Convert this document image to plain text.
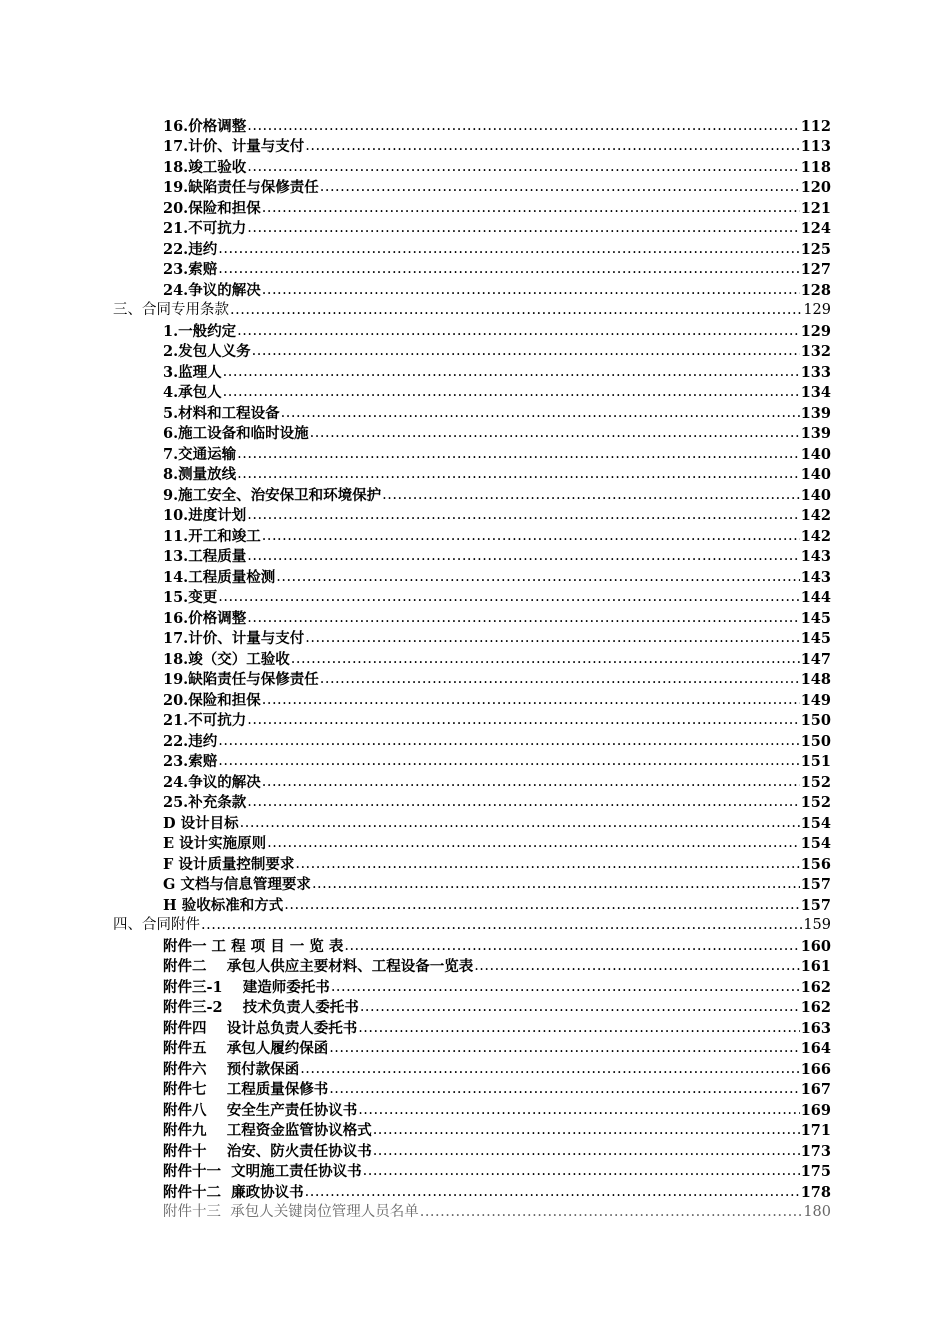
16.价格调整 .....	112
17.计价、计量与支付 .....	113
18.竣工验收 .....	118
19.缺陷责任与保修责任 .....	120
20.保险和担保 .....	121
21.不可抗力 .....	124
22.违约 .....	125
23.索赔 .....	127
24.争议的解决 .....	128
三、合同专用条款 .....	129
1.一般约定 .....	129
2.发包人义务 .....	132
3.监理人 .....	133
4.承包人 .....	134
5.材料和工程设备 .....	139
6.施工设备和临时设施 .....	139
7.交通运输 .....	140
8.测量放线 .....	140
9.施工安全、治安保卫和环境保护 .....	140
10.进度计划 .....	142
11.开工和竣工 .....	142
13.工程质量 .....	143
14.工程质量检测 .....	143
15.变更 .....	144
16.价格调整 .....	145
17.计价、计量与支付 .....	145
18.竣（交）工验收 .....	147
19.缺陷责任与保修责任 .....	148
20.保险和担保 .....	149
21.不可抗力 .....	150
22.违约 .....	150
23.索赔 .....	151
24.争议的解决 .....	152
25.补充条款 .....	152
D 设计目标 .....	154
E 设计实施原则 .....	154
F 设计质量控制要求 .....	156
G 文档与信息管理要求 .....	157
H 验收标准和方式 .....	157
四、合同附件 .....	159
附件一 工 程 项 目 一 览 表 .....	160
附件二    承包人供应主要材料、工程设备一览表 .....	161
附件三-1    建造师委托书 .....	162
附件三-2    技术负责人委托书 .....	162
附件四    设计总负责人委托书 .....	163
附件五    承包人履约保函 .....	164
附件六    预付款保函 .....	166
附件七    工程质量保修书 .....	167
附件八    安全生产责任协议书 .....	169
附件九    工程资金监管协议格式 .....	171
附件十    治安、防火责任协议书 .....	173
附件十一  文明施工责任协议书 .....	175
附件十二  廉政协议书 .....	178
附件十三  承包人关键岗位管理人员名单 .....	180
